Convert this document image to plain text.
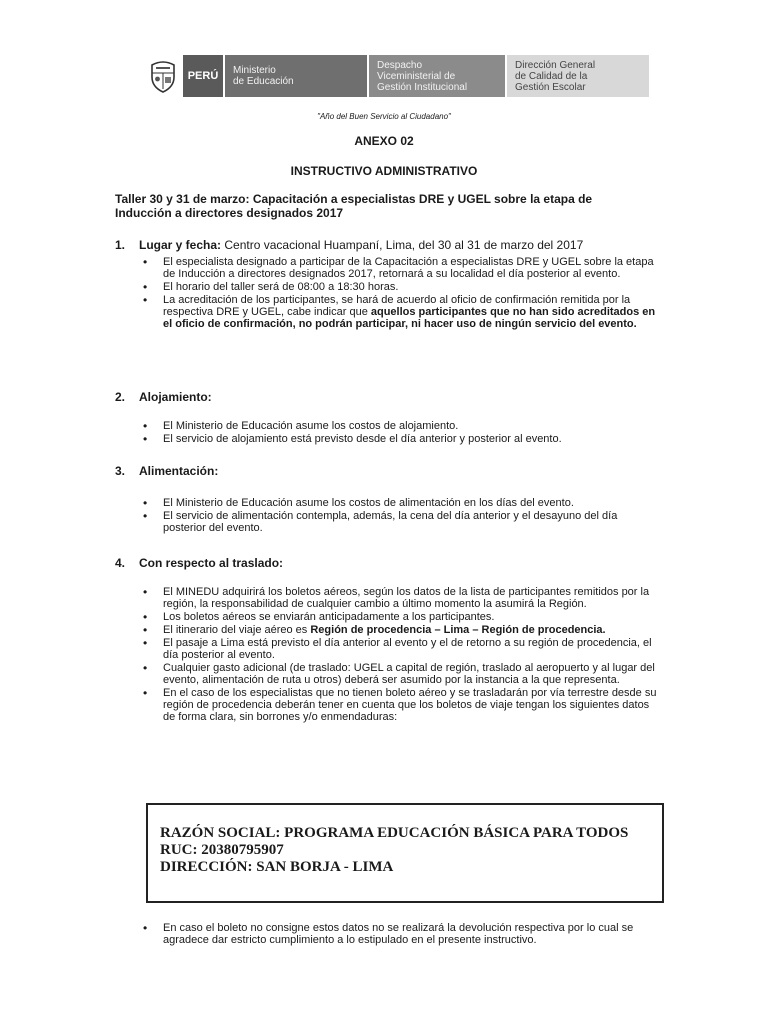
PERÚ Ministerio
de Educación
Despacho
Viceministerial de
Gestión Institucional
Dirección General
de Calidad de la
Gestión Escolar
"Año del Buen Servicio al Ciudadano"
ANEXO 02
INSTRUCTIVO ADMINISTRATIVO
Taller 30 y 31 de marzo: Capacitación a especialistas DRE y UGEL sobre la etapa de Inducción a directores designados 2017
1. Lugar y fecha: Centro vacacional Huampaní, Lima, del 30 al 31 de marzo del 2017
• El especialista designado a participar de la Capacitación a especialistas DRE y UGEL sobre la etapa de Inducción a directores designados 2017, retornará a su localidad el día posterior al evento.
• El horario del taller será de 08:00 a 18:30 horas.
• La acreditación de los participantes, se hará de acuerdo al oficio de confirmación remitida por la respectiva DRE y UGEL, cabe indicar que aquellos participantes que no han sido acreditados en el oficio de confirmación, no podrán participar, ni hacer uso de ningún servicio del evento.
2. Alojamiento:
• El Ministerio de Educación asume los costos de alojamiento.
• El servicio de alojamiento está previsto desde el día anterior y posterior al evento.
3. Alimentación:
• El Ministerio de Educación asume los costos de alimentación en los días del evento.
• El servicio de alimentación contempla, además, la cena del día anterior y el desayuno del día posterior del evento.
4. Con respecto al traslado:
• El MINEDU adquirirá los boletos aéreos, según los datos de la lista de participantes remitidos por la región, la responsabilidad de cualquier cambio a último momento la asumirá la Región.
• Los boletos aéreos se enviarán anticipadamente a los participantes.
• El itinerario del viaje aéreo es Región de procedencia – Lima – Región de procedencia.
• El pasaje a Lima está previsto el día anterior al evento y el de retorno a su región de procedencia, el día posterior al evento.
• Cualquier gasto adicional (de traslado: UGEL a capital de región, traslado al aeropuerto y al lugar del evento, alimentación de ruta u otros) deberá ser asumido por la instancia a la que representa.
• En el caso de los especialistas que no tienen boleto aéreo y se trasladarán por vía terrestre desde su región de procedencia deberán tener en cuenta que los boletos de viaje tengan los siguientes datos de forma clara, sin borrones y/o enmendaduras:
RAZÓN SOCIAL: PROGRAMA EDUCACIÓN BÁSICA PARA TODOS
RUC: 20380795907
DIRECCIÓN: SAN BORJA - LIMA
• En caso el boleto no consigne estos datos no se realizará la devolución respectiva por lo cual se agradece dar estricto cumplimiento a lo estipulado en el presente instructivo.
